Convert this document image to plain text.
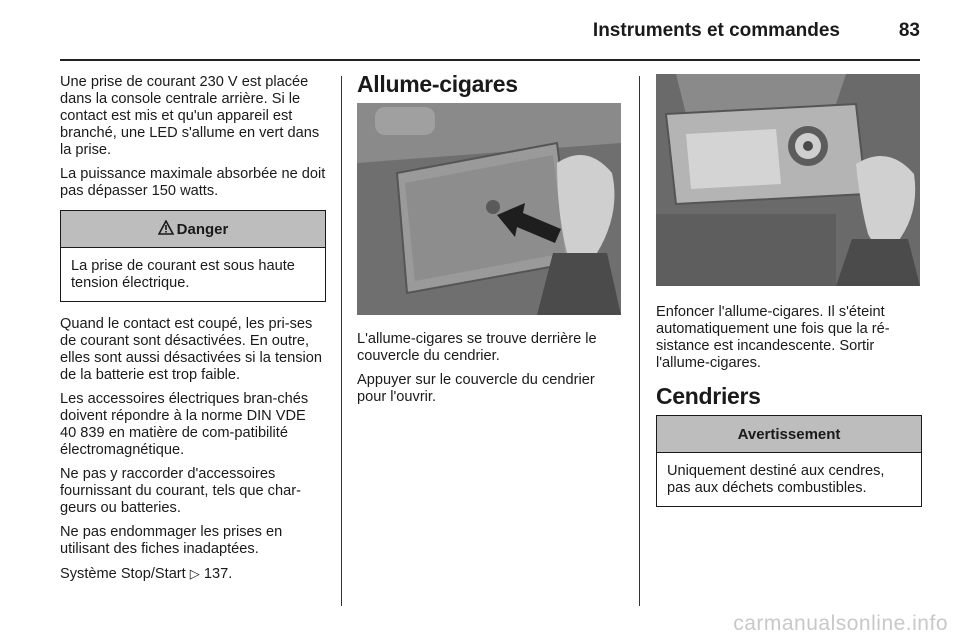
Instruments et commandes	83

Une prise de courant 230 V est placée dans la console centrale arrière. Si le contact est mis et qu'un appareil est branché, une LED s'allume en vert dans la prise.

La puissance maximale absorbée ne doit pas dépasser 150 watts.

Danger
La prise de courant est sous haute tension électrique.

Quand le contact est coupé, les pri-ses de courant sont désactivées. En outre, elles sont aussi désactivées si la tension de la batterie est trop faible.

Les accessoires électriques bran-chés doivent répondre à la norme DIN VDE 40 839 en matière de com-patibilité électromagnétique.

Ne pas y raccorder d'accessoires fournissant du courant, tels que char-geurs ou batteries.

Ne pas endommager les prises en utilisant des fiches inadaptées.

Système Stop/Start ▷ 137.

Allume-cigares

L'allume-cigares se trouve derrière le couvercle du cendrier.

Appuyer sur le couvercle du cendrier pour l'ouvrir.

Enfoncer l'allume-cigares. Il s'éteint automatiquement une fois que la ré-sistance est incandescente. Sortir l'allume-cigares.

Cendriers
Avertissement
Uniquement destiné aux cendres, pas aux déchets combustibles.
carmanualsonline.info
